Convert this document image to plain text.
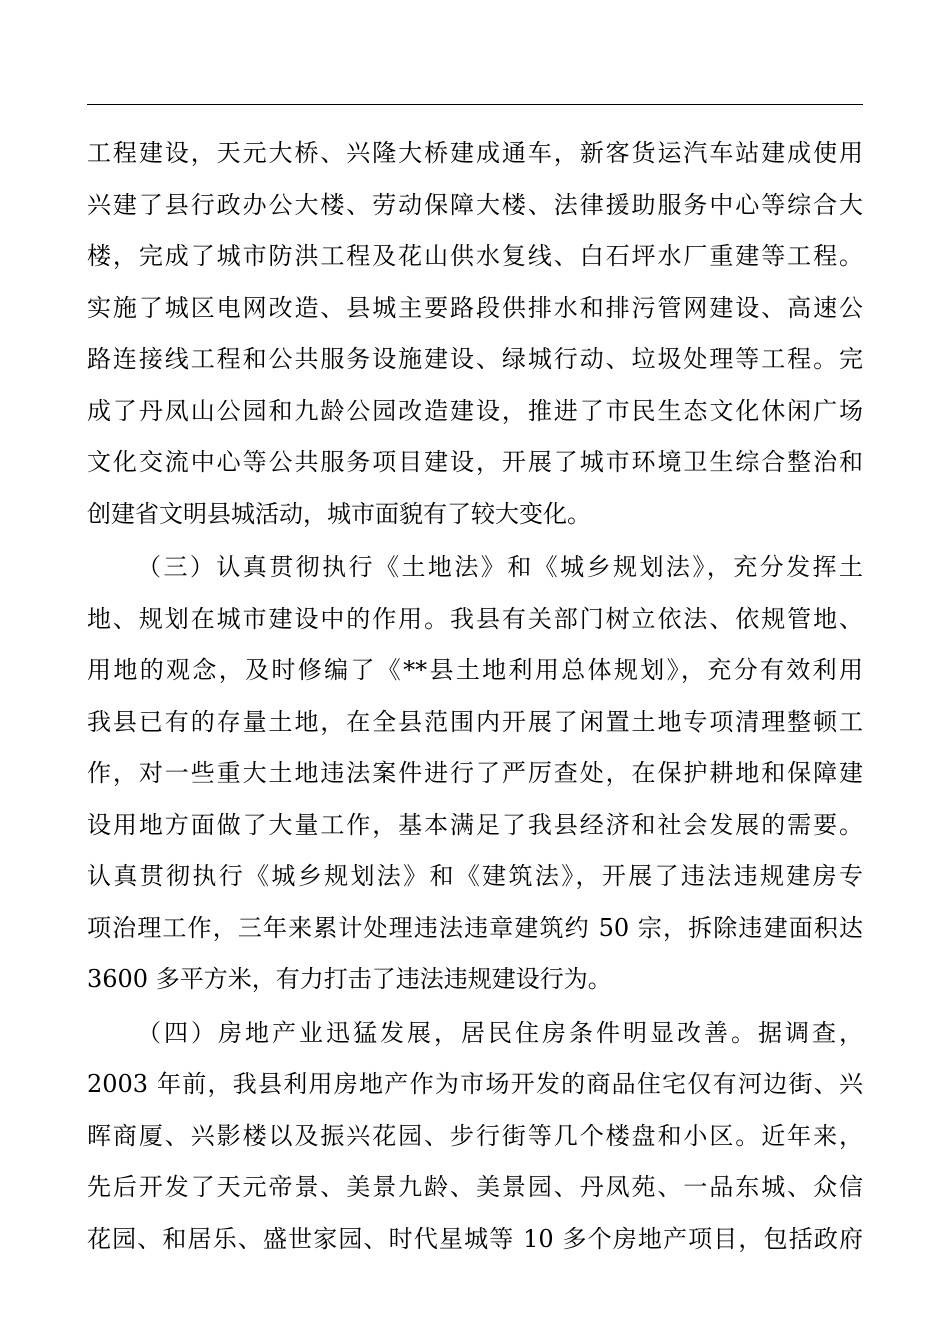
工程建设，天元大桥、兴隆大桥建成通车，新客货运汽车站建成使用
兴建了县行政办公大楼、劳动保障大楼、法律援助服务中心等综合大
楼，完成了城市防洪工程及花山供水复线、白石坪水厂重建等工程。
实施了城区电网改造、县城主要路段供排水和排污管网建设、高速公
路连接线工程和公共服务设施建设、绿城行动、垃圾处理等工程。完
成了丹凤山公园和九龄公园改造建设，推进了市民生态文化休闲广场
文化交流中心等公共服务项目建设，开展了城市环境卫生综合整治和
创建省文明县城活动，城市面貌有了较大变化。
（三）认真贯彻执行《土地法》和《城乡规划法》，充分发挥土
地、规划在城市建设中的作用。我县有关部门树立依法、依规管地、
用地的观念，及时修编了《**县土地利用总体规划》，充分有效利用
我县已有的存量土地，在全县范围内开展了闲置土地专项清理整顿工
作，对一些重大土地违法案件进行了严厉查处，在保护耕地和保障建
设用地方面做了大量工作，基本满足了我县经济和社会发展的需要。
认真贯彻执行《城乡规划法》和《建筑法》，开展了违法违规建房专
项治理工作，三年来累计处理违法违章建筑约 50 宗，拆除违建面积达
3600 多平方米，有力打击了违法违规建设行为。
（四）房地产业迅猛发展，居民住房条件明显改善。据调查，
2003 年前，我县利用房地产作为市场开发的商品住宅仅有河边街、兴
晖商厦、兴影楼以及振兴花园、步行街等几个楼盘和小区。近年来，
先后开发了天元帝景、美景九龄、美景园、丹凤苑、一品东城、众信
花园、和居乐、盛世家园、时代星城等 10 多个房地产项目，包括政府
